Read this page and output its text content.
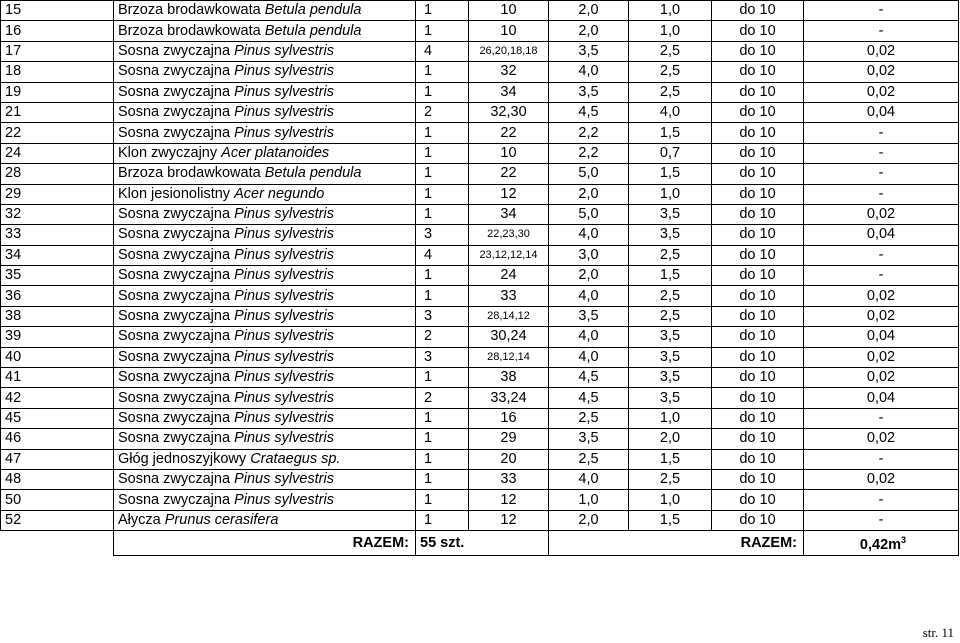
15	Brzoza brodawkowata Betula pendula	1	10	2,0	1,0	do 10	-
16	Brzoza brodawkowata Betula pendula	1	10	2,0	1,0	do 10	-
17	Sosna zwyczajna Pinus sylvestris	4	26,20,18,18	3,5	2,5	do 10	0,02
18	Sosna zwyczajna Pinus sylvestris	1	32	4,0	2,5	do 10	0,02
19	Sosna zwyczajna Pinus sylvestris	1	34	3,5	2,5	do 10	0,02
21	Sosna zwyczajna Pinus sylvestris	2	32,30	4,5	4,0	do 10	0,04
22	Sosna zwyczajna Pinus sylvestris	1	22	2,2	1,5	do 10	-
24	Klon zwyczajny Acer platanoides	1	10	2,2	0,7	do 10	-
28	Brzoza brodawkowata Betula pendula	1	22	5,0	1,5	do 10	-
29	Klon jesionolistny Acer negundo	1	12	2,0	1,0	do 10	-
32	Sosna zwyczajna Pinus sylvestris	1	34	5,0	3,5	do 10	0,02
33	Sosna zwyczajna Pinus sylvestris	3	22,23,30	4,0	3,5	do 10	0,04
34	Sosna zwyczajna Pinus sylvestris	4	23,12,12,14	3,0	2,5	do 10	-
35	Sosna zwyczajna Pinus sylvestris	1	24	2,0	1,5	do 10	-
36	Sosna zwyczajna Pinus sylvestris	1	33	4,0	2,5	do 10	0,02
38	Sosna zwyczajna Pinus sylvestris	3	28,14,12	3,5	2,5	do 10	0,02
39	Sosna zwyczajna Pinus sylvestris	2	30,24	4,0	3,5	do 10	0,04
40	Sosna zwyczajna Pinus sylvestris	3	28,12,14	4,0	3,5	do 10	0,02
41	Sosna zwyczajna Pinus sylvestris	1	38	4,5	3,5	do 10	0,02
42	Sosna zwyczajna Pinus sylvestris	2	33,24	4,5	3,5	do 10	0,04
45	Sosna zwyczajna Pinus sylvestris	1	16	2,5	1,0	do 10	-
46	Sosna zwyczajna Pinus sylvestris	1	29	3,5	2,0	do 10	0,02
47	Głóg jednoszyjkowy Crataegus sp.	1	20	2,5	1,5	do 10	-
48	Sosna zwyczajna Pinus sylvestris	1	33	4,0	2,5	do 10	0,02
50	Sosna zwyczajna Pinus sylvestris	1	12	1,0	1,0	do 10	-
52	Ałycza Prunus cerasifera	1	12	2,0	1,5	do 10	-
	RAZEM:	55 szt.				RAZEM:	$0,42m^3$
str. 11
